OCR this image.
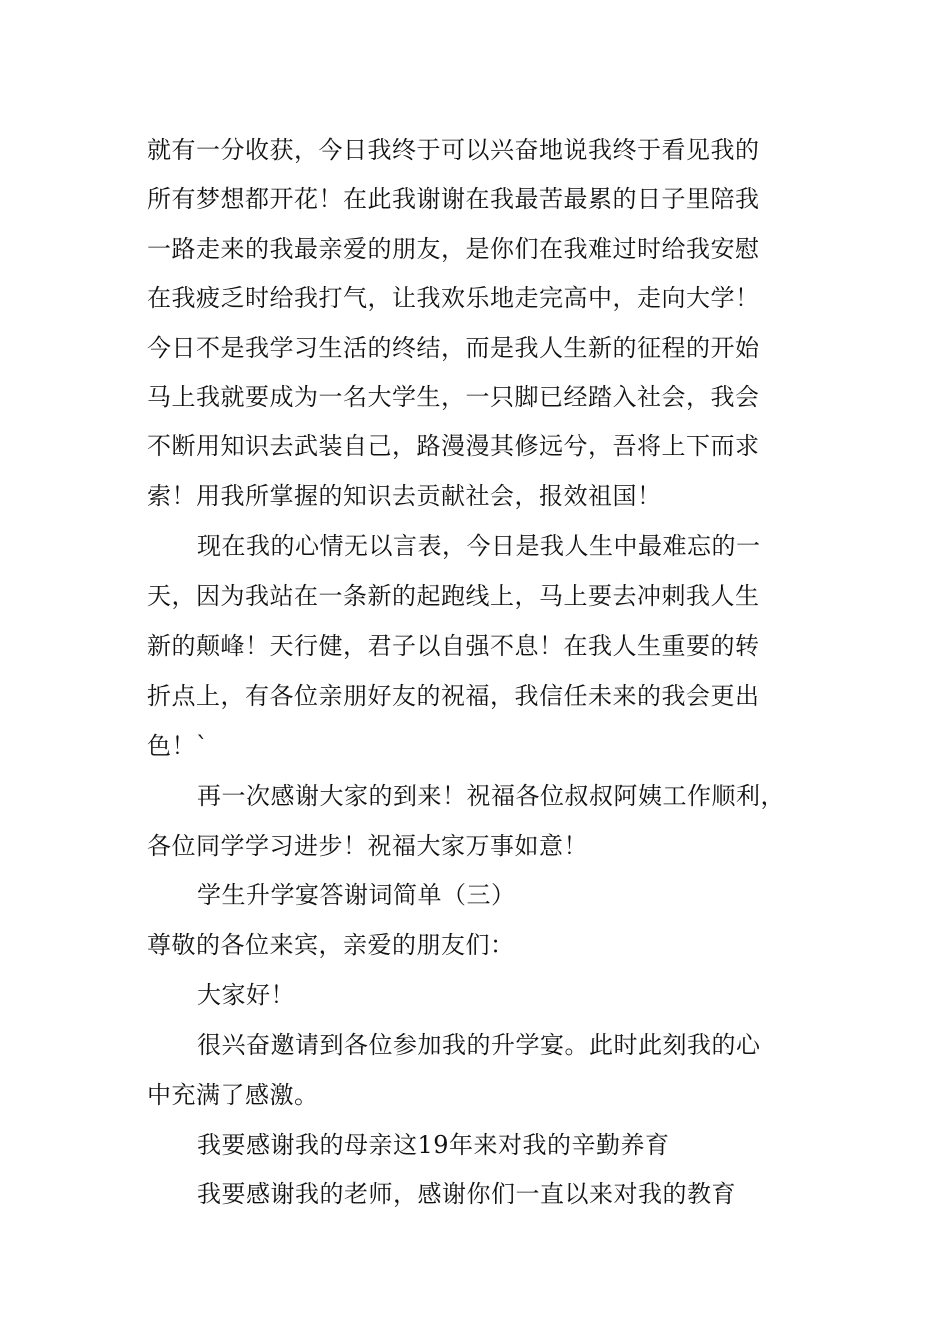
就有一分收获，今日我终于可以兴奋地说我终于看见我的
所有梦想都开花！在此我谢谢在我最苦最累的日子里陪我
一路走来的我最亲爱的朋友，是你们在我难过时给我安慰
在我疲乏时给我打气，让我欢乐地走完高中，走向大学！
今日不是我学习生活的终结，而是我人生新的征程的开始
马上我就要成为一名大学生，一只脚已经踏入社会，我会
不断用知识去武装自己，路漫漫其修远兮，吾将上下而求
索！用我所掌握的知识去贡献社会，报效祖国！
现在我的心情无以言表，今日是我人生中最难忘的一
天，因为我站在一条新的起跑线上，马上要去冲刺我人生
新的颠峰！天行健，君子以自强不息！在我人生重要的转
折点上，有各位亲朋好友的祝福，我信任未来的我会更出
色！`
再一次感谢大家的到来！祝福各位叔叔阿姨工作顺利，
各位同学学习进步！祝福大家万事如意！
学生升学宴答谢词简单（三）
尊敬的各位来宾，亲爱的朋友们：
大家好！
很兴奋邀请到各位参加我的升学宴。此时此刻我的心
中充满了感激。
我要感谢我的母亲这19年来对我的辛勤养育
我要感谢我的老师，感谢你们一直以来对我的教育
